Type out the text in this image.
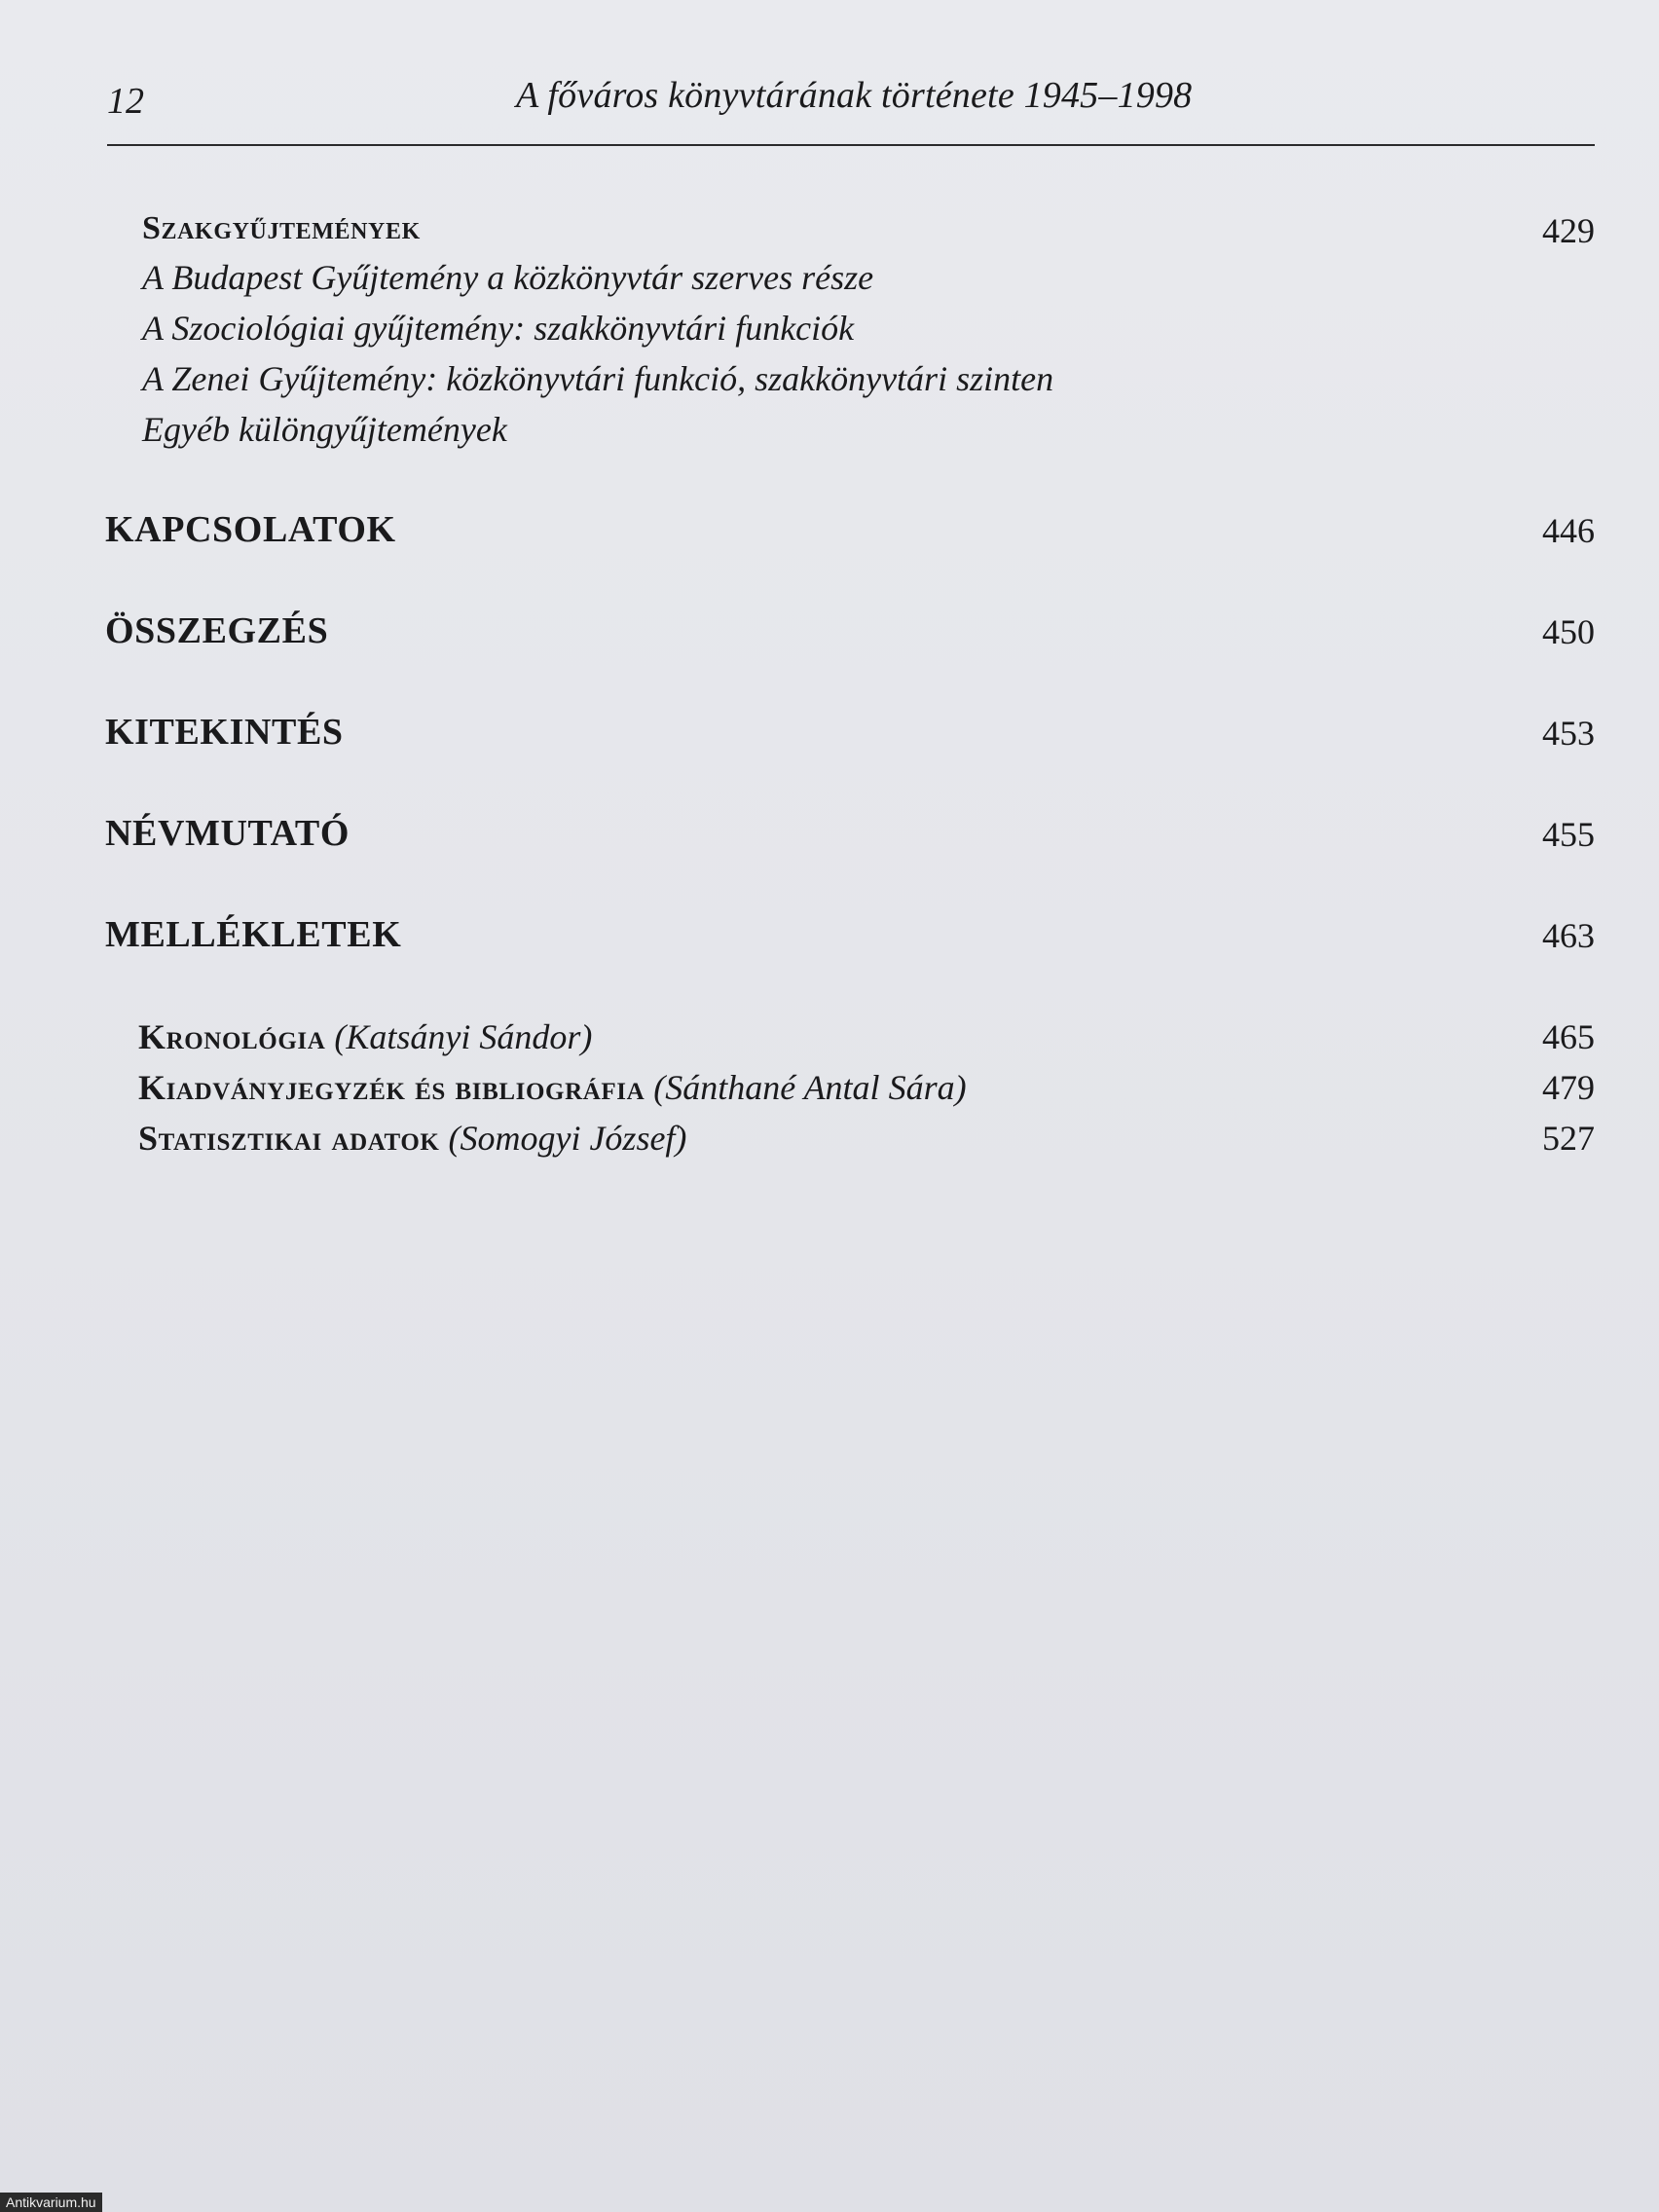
12	A főváros könyvtárának története 1945–1998
Szakgyűjtemények	429
A Budapest Gyűjtemény a közkönyvtár szerves része
A Szociológiai gyűjtemény: szakkönyvtári funkciók
A Zenei Gyűjtemény: közkönyvtári funkció, szakkönyvtári szinten
Egyéb különgyűjtemények
KAPCSOLATOK	446
ÖSSZEGZÉS	450
KITEKINTÉS	453
NÉVMUTATÓ	455
MELLÉKLETEK	463
Kronológia (Katsányi Sándor)	465
Kiadványjegyzék és bibliográfia (Sánthané Antal Sára)	479
Statisztikai adatok (Somogyi József)	527
Antikvarium.hu
